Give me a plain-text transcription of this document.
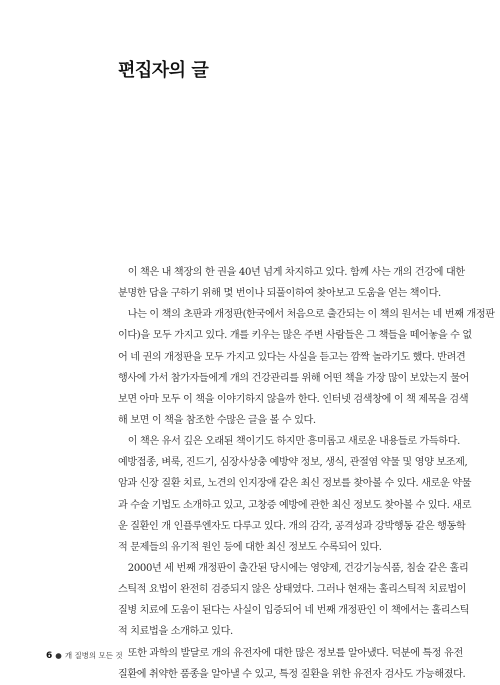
편집자의 글
　이 책은 내 책장의 한 권을 40년 넘게 차지하고 있다. 함께 사는 개의 건강에 대한
분명한 답을 구하기 위해 몇 번이나 되풀이하여 찾아보고 도움을 얻는 책이다.
　나는 이 책의 초판과 개정판(한국에서 처음으로 출간되는 이 책의 원서는 네 번째 개정판
이다)을 모두 가지고 있다. 개를 키우는 많은 주변 사람들은 그 책들을 떼어놓을 수 없
어 네 권의 개정판을 모두 가지고 있다는 사실을 듣고는 깜짝 놀라기도 했다. 반려견
행사에 가서 참가자들에게 개의 건강관리를 위해 어떤 책을 가장 많이 보았는지 물어
보면 아마 모두 이 책을 이야기하지 않을까 한다. 인터넷 검색창에 이 책 제목을 검색
해 보면 이 책을 참조한 수많은 글을 볼 수 있다.
　이 책은 유서 깊은 오래된 책이기도 하지만 흥미롭고 새로운 내용들로 가득하다.
예방접종, 벼룩, 진드기, 심장사상충 예방약 정보, 생식, 관절염 약물 및 영양 보조제,
암과 신장 질환 치료, 노견의 인지장애 같은 최신 정보를 찾아볼 수 있다. 새로운 약물
과 수술 기법도 소개하고 있고, 고창증 예방에 관한 최신 정보도 찾아볼 수 있다. 새로
운 질환인 개 인플루엔자도 다루고 있다. 개의 감각, 공격성과 강박행동 같은 행동학
적 문제들의 유기적 원인 등에 대한 최신 정보도 수록되어 있다.
　2000년 세 번째 개정판이 출간된 당시에는 영양제, 건강기능식품, 침술 같은 홀리
스틱적 요법이 완전히 검증되지 않은 상태였다. 그러나 현재는 홀리스틱적 치료법이
질병 치료에 도움이 된다는 사실이 입증되어 네 번째 개정판인 이 책에서는 홀리스틱
적 치료법을 소개하고 있다.
　또한 과학의 발달로 개의 유전자에 대한 많은 정보를 알아냈다. 덕분에 특정 유전
질환에 취약한 품종을 알아낼 수 있고, 특정 질환을 위한 유전자 검사도 가능해졌다.
6 ● 개 질병의 모든 것
